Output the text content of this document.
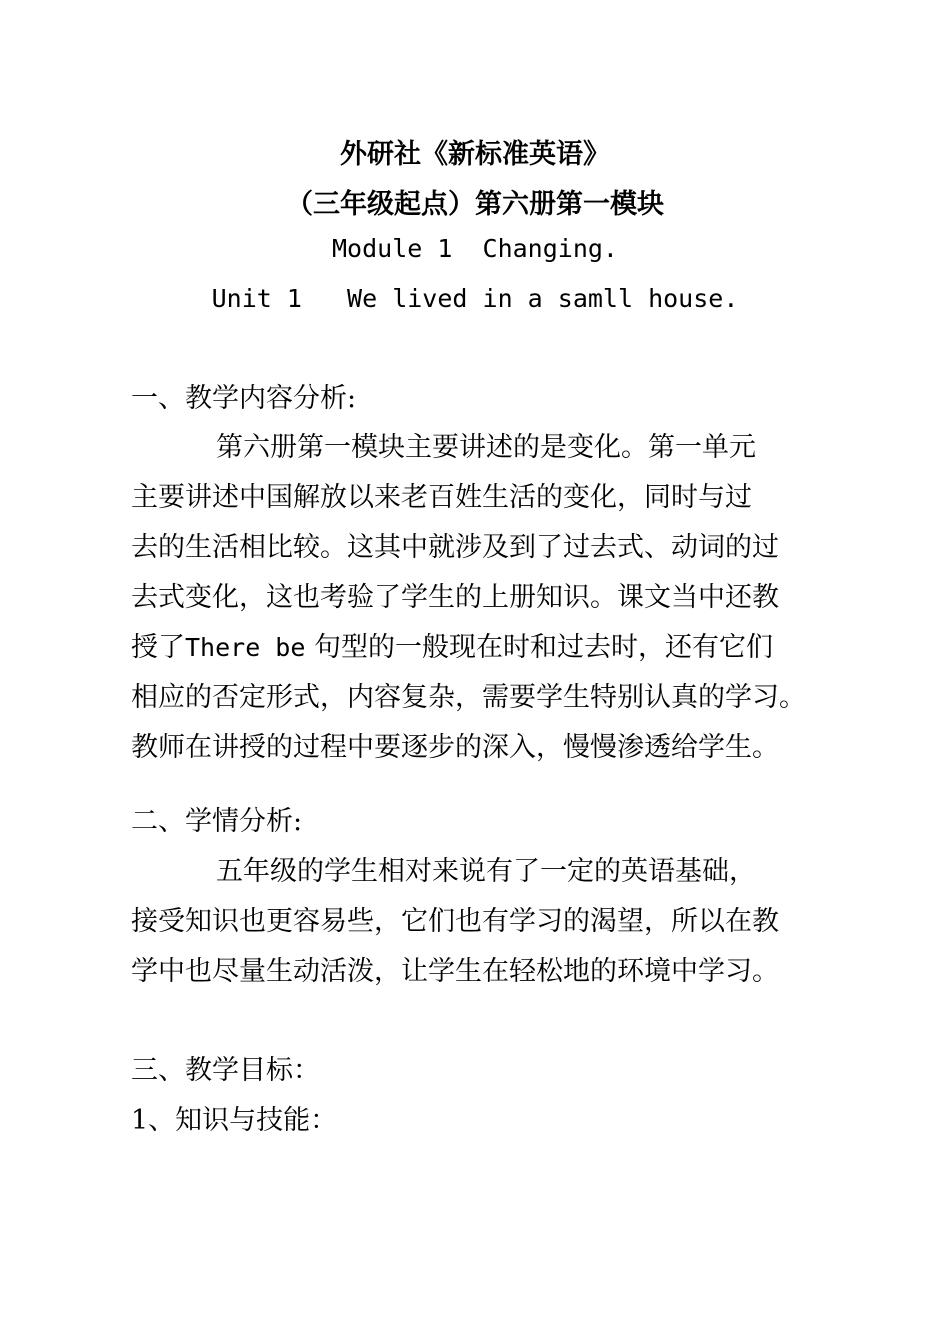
外研社《新标准英语》
（三年级起点）第六册第一模块
Module 1  Changing.
Unit 1   We lived in a samll house.
一、教学内容分析:
第六册第一模块主要讲述的是变化。第一单元
主要讲述中国解放以来老百姓生活的变化，同时与过
去的生活相比较。这其中就涉及到了过去式、动词的过
去式变化，这也考验了学生的上册知识。课文当中还教
授了There be 句型的一般现在时和过去时，还有它们
相应的否定形式，内容复杂，需要学生特别认真的学习。
教师在讲授的过程中要逐步的深入，慢慢渗透给学生。
二、学情分析:
五年级的学生相对来说有了一定的英语基础，
接受知识也更容易些，它们也有学习的渴望，所以在教
学中也尽量生动活泼，让学生在轻松地的环境中学习。
三、教学目标：
1、知识与技能：
